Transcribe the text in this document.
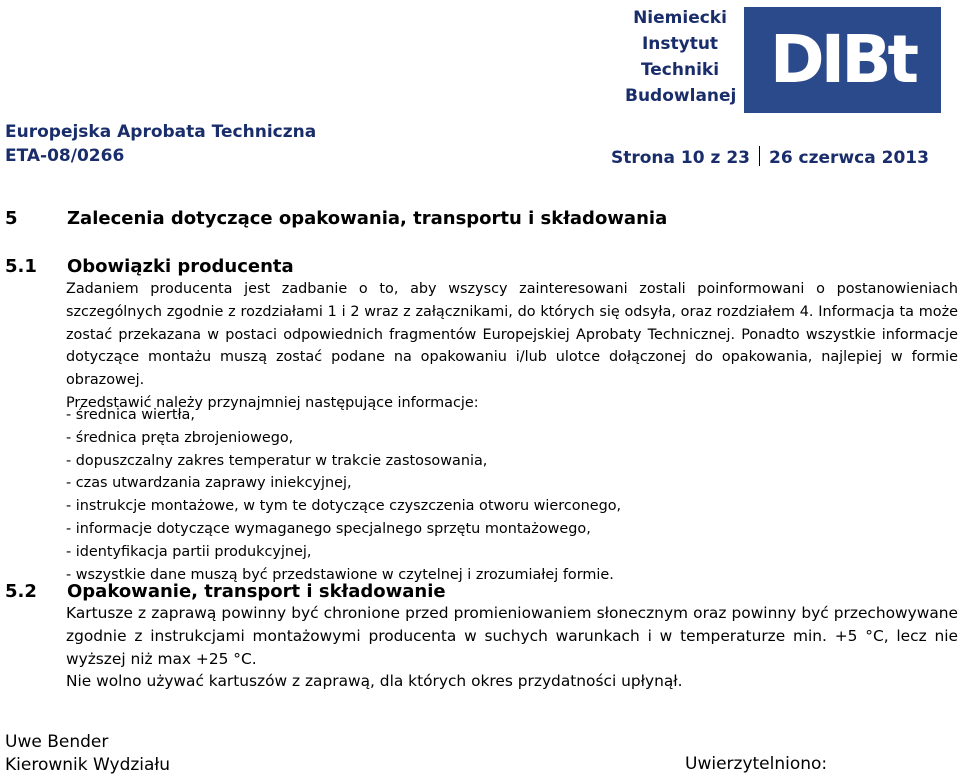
Niemiecki
Instytut
Techniki
Budowlanej DIBt
Europejska Aprobata Techniczna
ETA-08/0266	Strona 10 z 23 26 czerwca 2013
5	Zalecenia dotyczące opakowania, transportu i składowania
5.1 Obowiązki producenta

Zadaniem producenta jest zadbanie o to, aby wszyscy zainteresowani zostali poinformowani o postanowieniach szczególnych zgodnie z rozdziałami 1 i 2 wraz z załącznikami, do których się odsyła, oraz rozdziałem 4. Informacja ta może zostać przekazana w postaci odpowiednich fragmentów Europejskiej Aprobaty Technicznej. Ponadto wszystkie informacje dotyczące montażu muszą zostać podane na opakowaniu i/lub ulotce dołączonej do opakowania, najlepiej w formie obrazowej.

Przedstawić należy przynajmniej następujące informacje:

- średnica wiertła,
- średnica pręta zbrojeniowego,
- dopuszczalny zakres temperatur w trakcie zastosowania,
- czas utwardzania zaprawy iniekcyjnej,
- instrukcje montażowe, w tym te dotyczące czyszczenia otworu wierconego,
- informacje dotyczące wymaganego specjalnego sprzętu montażowego,
- identyfikacja partii produkcyjnej,
- wszystkie dane muszą być przedstawione w czytelnej i zrozumiałej formie.
5.2 Opakowanie, transport i składowanie

Kartusze z zaprawą powinny być chronione przed promieniowaniem słonecznym oraz powinny być przechowywane zgodnie z instrukcjami montażowymi producenta w suchych warunkach i w temperaturze min. +5 °C, lecz nie wyższej niż max +25 °C.

Nie wolno używać kartuszów z zaprawą, dla których okres przydatności upłynął.

Uwe Bender
Kierownik Wydziału	Uwierzytelniono:
